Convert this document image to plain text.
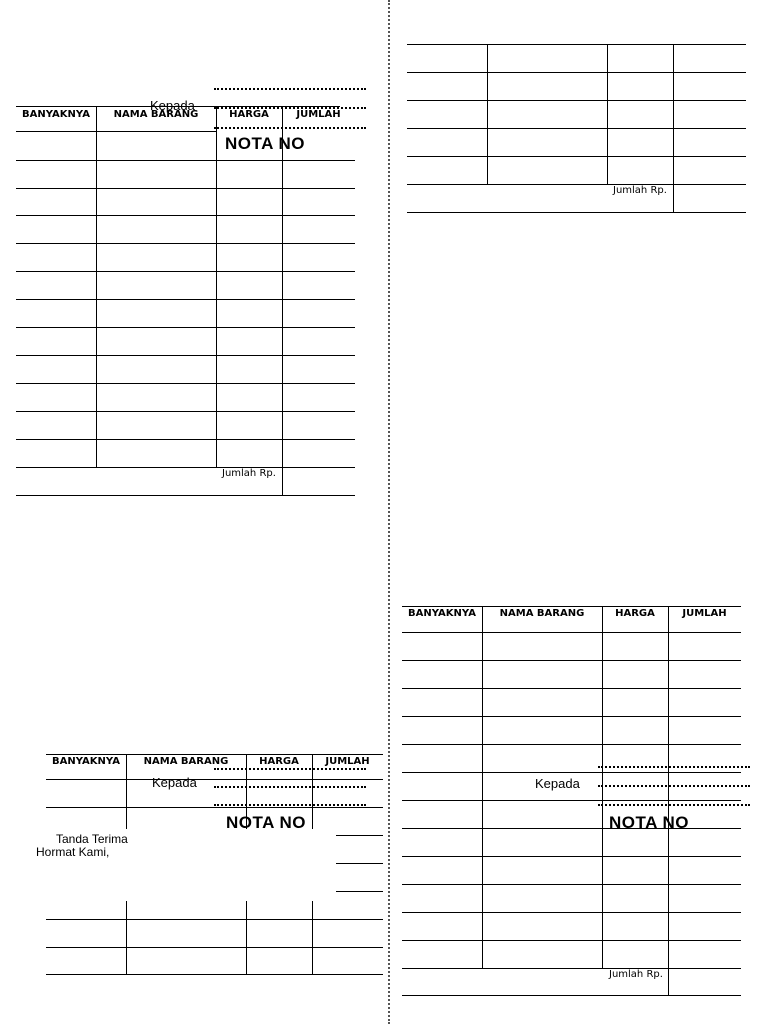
Jumlah Rp.
Kepada
NOTA NO
BANYAKNYA	NAMA BARANG	HARGA	JUMLAH
Jumlah Rp.
BANYAKNYA	NAMA BARANG	HARGA	JUMLAH
Kepada
NOTA NO
Tanda Terima
Hormat Kami,
BANYAKNYA	NAMA BARANG	HARGA	JUMLAH
Kepada
NOTA NO
Jumlah Rp.
